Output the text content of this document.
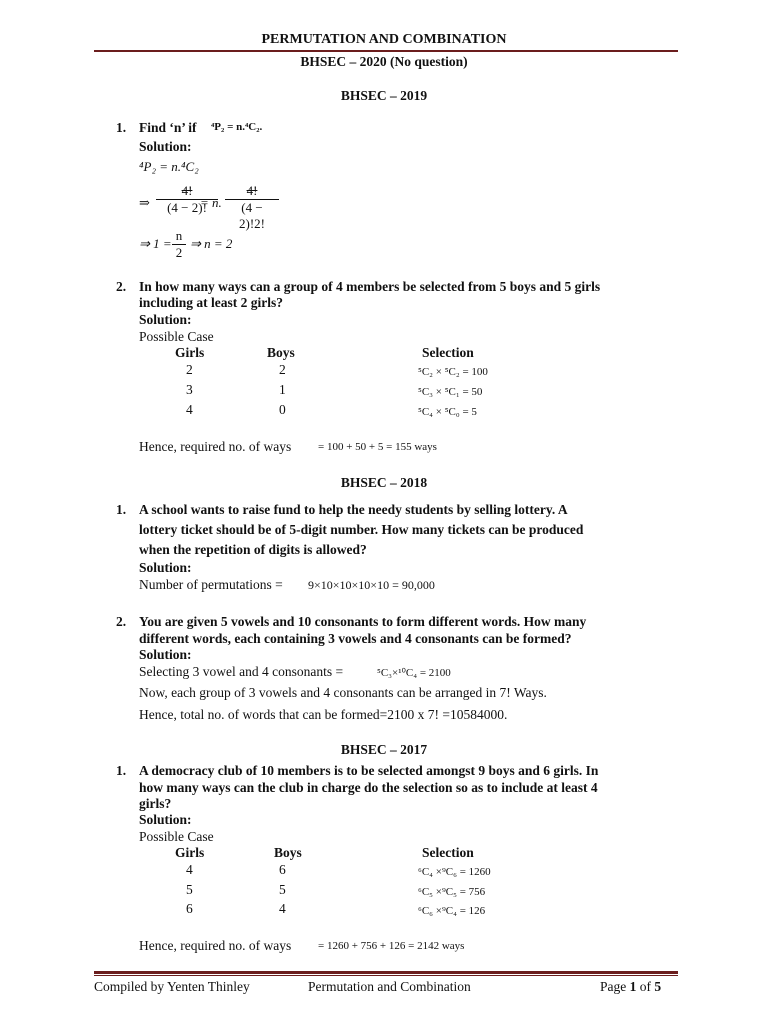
PERMUTATION AND COMBINATION
BHSEC – 2020 (No question)
BHSEC – 2019
1. Find ‘n’ if ⁴P₂ = n.⁴C₂.
Solution:
⁴P₂ = n.⁴C₂
⇒ $\frac{4!}{(4 - 2)!}$
= n. $\frac{4!}{(4 - 2)!2!}$
⇒ $1 = \frac{n}{2}$ ⇒ n = 2
2. In how many ways can a group of 4 members be selected from 5 boys and 5 girls
including at least 2 girls?
Solution:
Possible Case
Girls	Boys	Selection
2	2	⁵C₂ × ⁵C₂ = 100
3	1	⁵C₃ × ⁵C₁ = 50
4	0	⁵C₄ × ⁵C₀ = 5
Hence, required no. of ways = 100 + 50 + 5 = 155 ways
BHSEC – 2018
1. A school wants to raise fund to help the needy students by selling lottery. A
lottery ticket should be of 5-digit number. How many tickets can be produced
when the repetition of digits is allowed?
Solution:
Number of permutations = 9×10×10×10×10 = 90,000
2. You are given 5 vowels and 10 consonants to form different words. How many
different words, each containing 3 vowels and 4 consonants can be formed?
Solution:
Selecting 3 vowel and 4 consonants =	⁵C₃×¹⁰C₄ = 2100
Now, each group of 3 vowels and 4 consonants can be arranged in 7! Ways.
Hence, total no. of words that can be formed=2100 x 7! =10584000.
BHSEC – 2017
1. A democracy club of 10 members is to be selected amongst 9 boys and 6 girls. In
how many ways can the club in charge do the selection so as to include at least 4
girls?
Solution:
Possible Case
Girls	Boys	Selection
4	6	⁶C₄ ×⁹C₆ = 1260
5	5	⁶C₅ ×⁹C₅ = 756
6	4	⁶C₆ ×⁹C₄ = 126
Hence, required no. of ways = 1260 + 756 + 126 = 2142 ways
Compiled by Yenten Thinley	Permutation and Combination	Page 1 of 5
